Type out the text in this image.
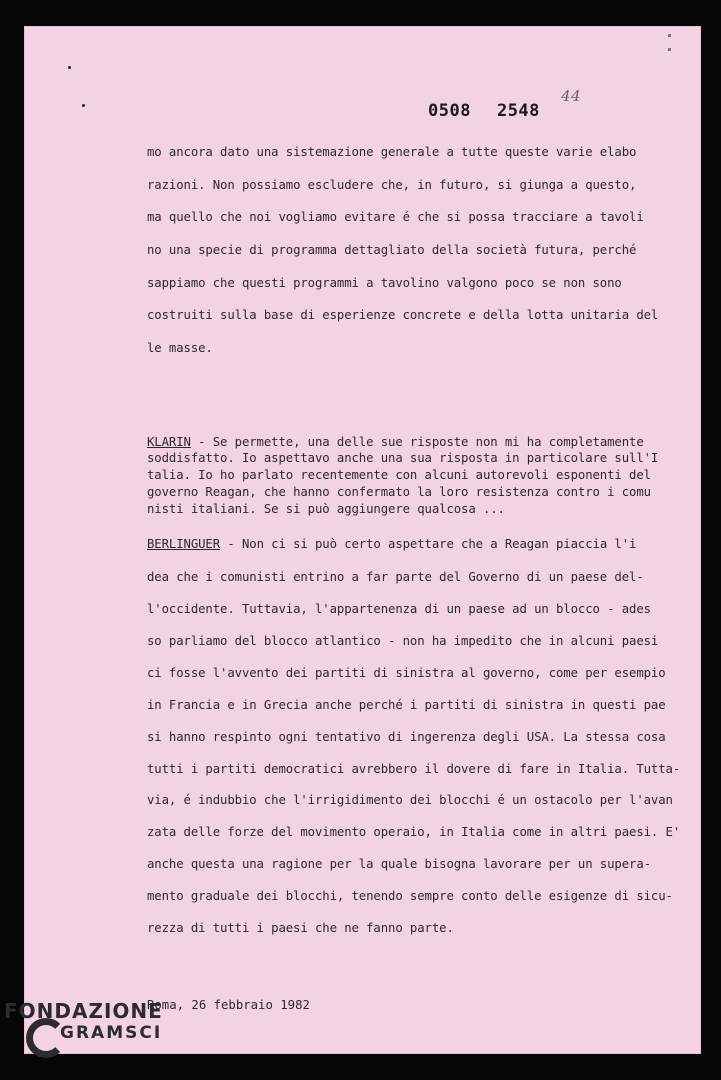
0508 2548
44
mo ancora dato una sistemazione generale a tutte queste varie elabo
razioni. Non possiamo escludere che, in futuro, si giunga a questo,
ma quello che noi vogliamo evitare é che si possa tracciare a tavoli
no una specie di programma dettagliato della società futura, perché
sappiamo che questi programmi a tavolino valgono poco se non sono
costruiti sulla base di esperienze concrete e della lotta unitaria del
le masse.
KLARIN - Se permette, una delle sue risposte non mi ha completamente
soddisfatto. Io aspettavo anche una sua risposta in particolare sull'I
talia. Io ho parlato recentemente con alcuni autorevoli esponenti del
governo Reagan, che hanno confermato la loro resistenza contro i comu
nisti italiani. Se si può aggiungere qualcosa ...
BERLINGUER - Non ci si può certo aspettare che a Reagan piaccia l'i
dea che i comunisti entrino a far parte del Governo di un paese del-
l'occidente. Tuttavia, l'appartenenza di un paese ad un blocco - ades
so parliamo del blocco atlantico - non ha impedito che in alcuni paesi
ci fosse l'avvento dei partiti di sinistra al governo, come per esempio
in Francia e in Grecia anche perché i partiti di sinistra in questi pae
si hanno respinto ogni tentativo di ingerenza degli USA. La stessa cosa
tutti i partiti democratici avrebbero il dovere di fare in Italia. Tutta-
via, é indubbio che l'irrigidimento dei blocchi é un ostacolo per l'avan
zata delle forze del movimento operaio, in Italia come in altri paesi. E'
anche questa una ragione per la quale bisogna lavorare per un supera-
mento graduale dei blocchi, tenendo sempre conto delle esigenze di sicu-
rezza di tutti i paesi che ne fanno parte.
Roma, 26 febbraio 1982
FONDAZIONE
GRAMSCI
